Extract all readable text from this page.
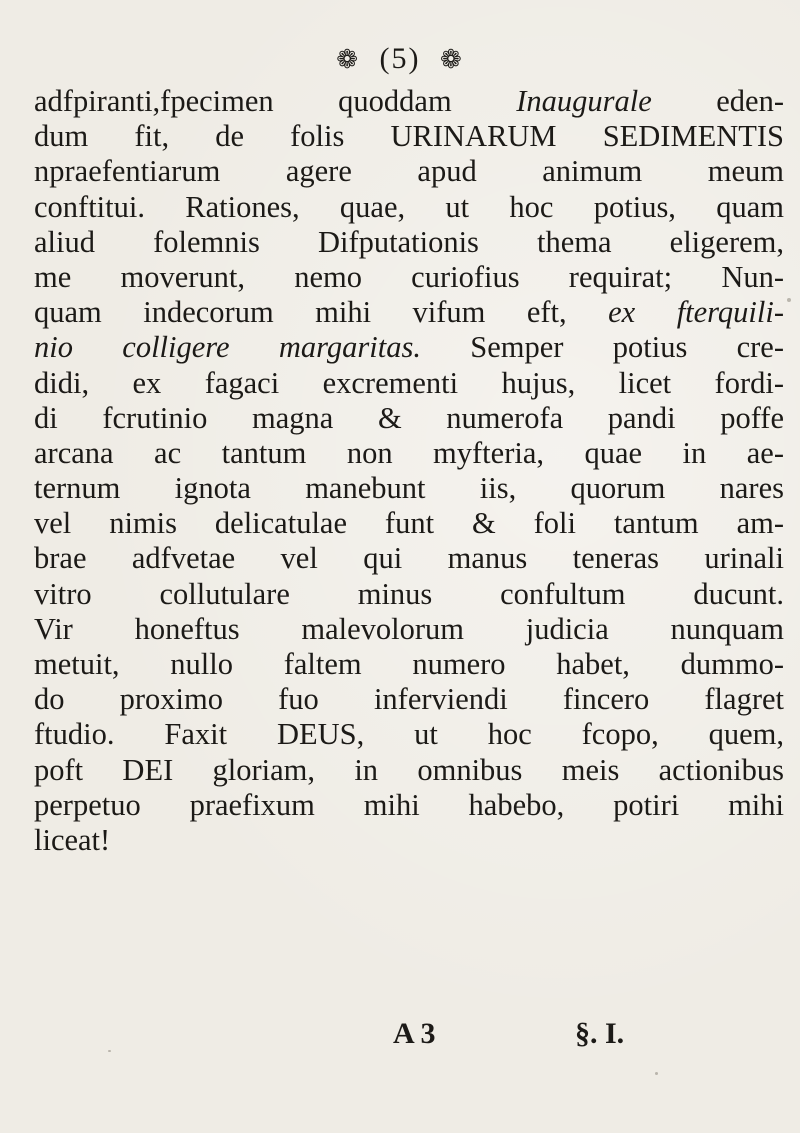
❁ (5) ❁
adfpiranti,fpecimen quoddam Inaugurale eden-
dum fit, de folis URINARUM SEDIMENTIS
npraefentiarum agere apud animum meum
conftitui. Rationes, quae, ut hoc potius, quam
aliud folemnis Difputationis thema eligerem,
me moverunt, nemo curiofius requirat; Nun-
quam indecorum mihi vifum eft, ex fterquili-
nio colligere margaritas. Semper potius cre-
didi, ex fagaci excrementi hujus, licet fordi-
di fcrutinio magna & numerofa pandi poffe
arcana ac tantum non myfteria, quae in ae-
ternum ignota manebunt iis, quorum nares
vel nimis delicatulae funt & foli tantum am-
brae adfvetae vel qui manus teneras urinali
vitro collutulare minus confultum ducunt.
Vir honeftus malevolorum judicia nunquam
metuit, nullo faltem numero habet, dummo-
do proximo fuo inferviendi fincero flagret
ftudio. Faxit DEUS, ut hoc fcopo, quem,
poft DEI gloriam, in omnibus meis actionibus
perpetuo praefixum mihi habebo, potiri mihi
liceat!
A 3	§. I.
